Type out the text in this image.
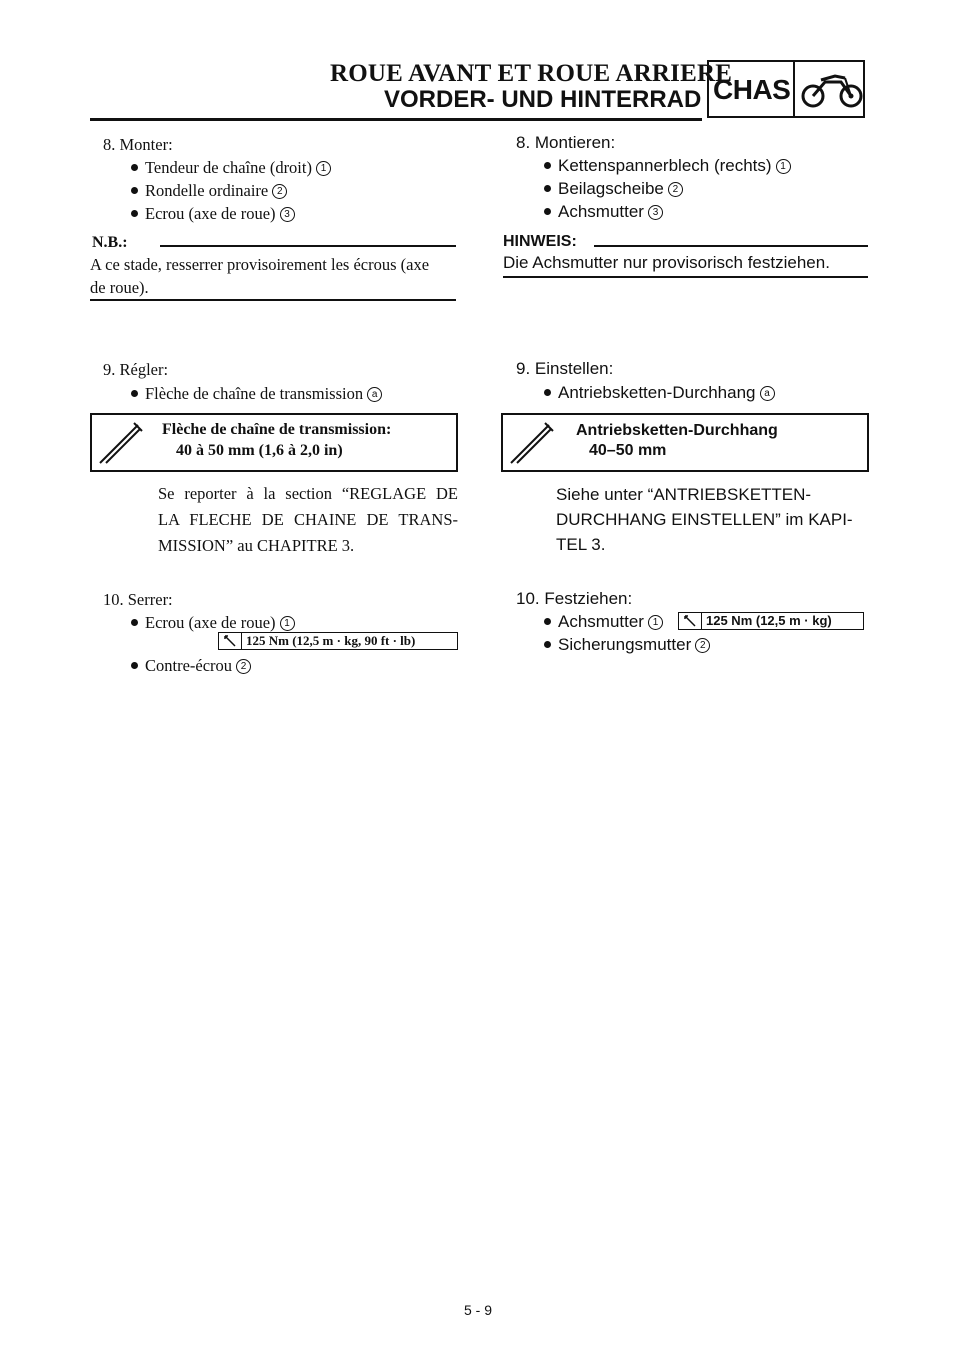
ROUE AVANT ET ROUE ARRIERE
VORDER- UND HINTERRAD CHAS
8. Monter:
Tendeur de chaîne (droit) 1
Rondelle ordinaire 2
Ecrou (axe de roue) 3
N.B.:
A ce stade, resserrer provisoirement les écrous (axe
de roue).
9. Régler:
Flèche de chaîne de transmission a
Flèche de chaîne de transmission:
40 à 50 mm (1,6 à 2,0 in)
Se reporter à la section “REGLAGE DE
LA FLECHE DE CHAINE DE TRANS-
MISSION” au CHAPITRE 3.
10. Serrer:
Ecrou (axe de roue) 1
125 Nm (12,5 m · kg, 90 ft · lb)
Contre-écrou 2
8. Montieren:
Kettenspannerblech (rechts) 1
Beilagscheibe 2
Achsmutter 3
HINWEIS:
Die Achsmutter nur provisorisch festziehen.
9. Einstellen:
Antriebsketten-Durchhang a
Antriebsketten-Durchhang
40–50 mm
Siehe unter “ANTRIEBSKETTEN-
DURCHHANG EINSTELLEN” im KAPI-
TEL 3.
10. Festziehen:
Achsmutter 1	125 Nm (12,5 m · kg)
Sicherungsmutter 2
5 - 9
